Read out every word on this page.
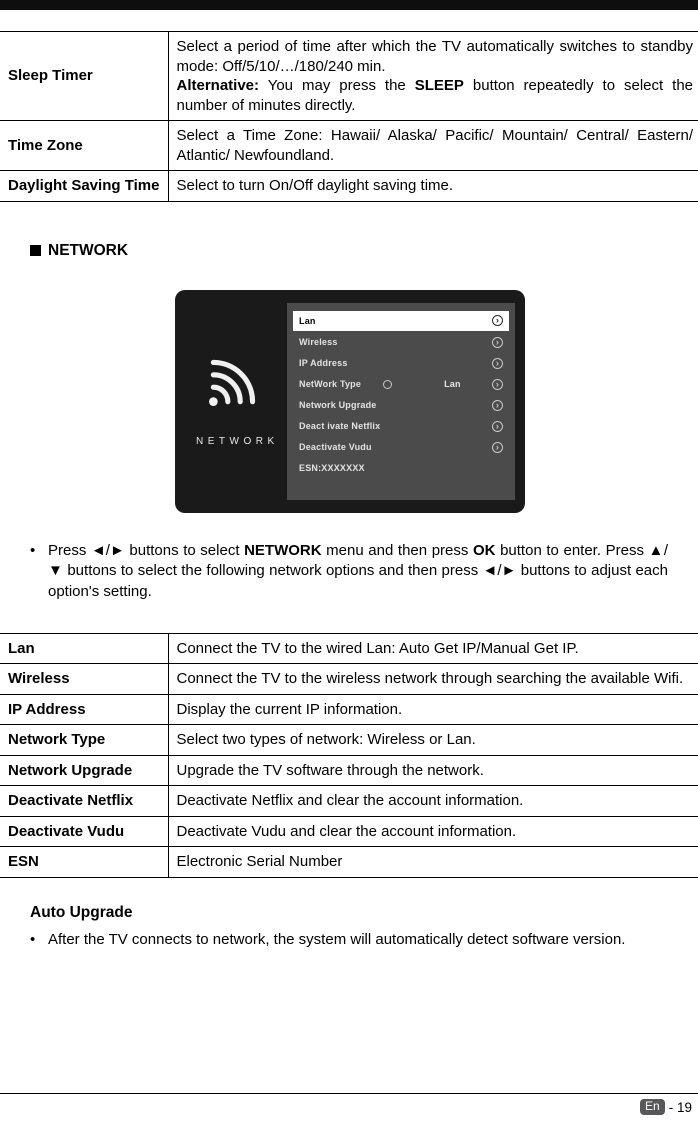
Sleep Timer	Select a period of time after which the TV automatically switches to standby mode: Off/5/10/…/180/240 min.
Alternative: You may press the SLEEP button repeatedly to select the number of minutes directly.
Time Zone	Select a Time Zone: Hawaii/ Alaska/ Pacific/ Mountain/ Central/ Eastern/ Atlantic/ Newfoundland.
Daylight Saving Time	Select to turn On/Off daylight saving time.
NETWORK
NETWORK
Lan	›
Wireless	›
IP Address	›
NetWork Type	Lan	›
Network Upgrade	›
Deact ivate Netflix	›
Deactivate Vudu	›
ESN:XXXXXXX
• Press ◄/► buttons to select NETWORK menu and then press OK button to enter. Press ▲/▼ buttons to select the following network options and then press ◄/► buttons to adjust each option's setting.
Lan	Connect the TV to the wired Lan: Auto Get IP/Manual Get IP.
Wireless	Connect the TV to the wireless network through searching the available Wifi.
IP Address	Display the current IP information.
Network Type	Select two types of network: Wireless or Lan.
Network Upgrade	Upgrade the TV software through the network.
Deactivate Netflix	Deactivate Netflix and clear the account information.
Deactivate Vudu	Deactivate Vudu and clear the account information.
ESN	Electronic Serial Number
Auto Upgrade
• After the TV connects to network, the system will automatically detect software version.
En - 19
